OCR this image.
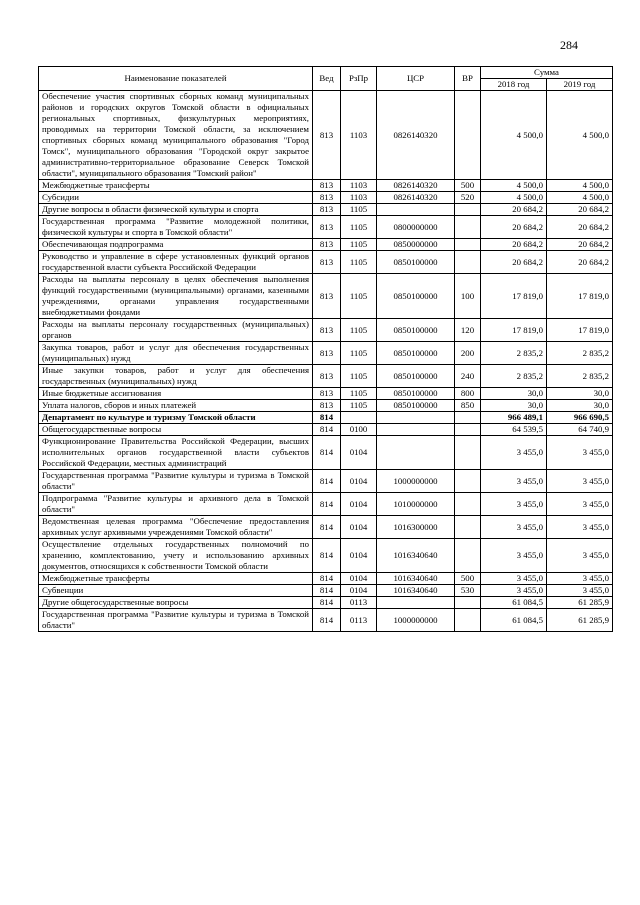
284
Наименование показателей	Вед	РзПр	ЦСР	ВР	Сумма	
					2018 год	2019 год
Обеспечение участия спортивных сборных команд муниципальных районов и городских округов Томской области в официальных региональных спортивных, физкультурных мероприятиях, проводимых на территории Томской области, за исключением спортивных сборных команд муниципального образования "Город Томск", муниципального образования "Городской округ закрытое административно-территориальное образование Северск Томской области", муниципального образования "Томский район"	813	1103	0826140320		4 500,0	4 500,0
Межбюджетные трансферты	813	1103	0826140320	500	4 500,0	4 500,0
Субсидии	813	1103	0826140320	520	4 500,0	4 500,0
Другие вопросы в области физической культуры и спорта	813	1105			20 684,2	20 684,2
Государственная программа "Развитие молодежной политики, физической культуры и спорта в Томской области"	813	1105	0800000000		20 684,2	20 684,2
Обеспечивающая подпрограмма	813	1105	0850000000		20 684,2	20 684,2
Руководство и управление в сфере установленных функций органов государственной власти субъекта Российской Федерации	813	1105	0850100000		20 684,2	20 684,2
Расходы на выплаты персоналу в целях обеспечения выполнения функций государственными (муниципальными) органами, казенными учреждениями, органами управления государственными внебюджетными фондами	813	1105	0850100000	100	17 819,0	17 819,0
Расходы на выплаты персоналу государственных (муниципальных) органов	813	1105	0850100000	120	17 819,0	17 819,0
Закупка товаров, работ и услуг для обеспечения государственных (муниципальных) нужд	813	1105	0850100000	200	2 835,2	2 835,2
Иные закупки товаров, работ и услуг для обеспечения государственных (муниципальных) нужд	813	1105	0850100000	240	2 835,2	2 835,2
Иные бюджетные ассигнования	813	1105	0850100000	800	30,0	30,0
Уплата налогов, сборов и иных платежей	813	1105	0850100000	850	30,0	30,0
Департамент по культуре и туризму Томской области	814				966 489,1	966 690,5
Общегосударственные вопросы	814	0100			64 539,5	64 740,9
Функционирование Правительства Российской Федерации, высших исполнительных органов государственной власти субъектов Российской Федерации, местных администраций	814	0104			3 455,0	3 455,0
Государственная программа "Развитие культуры и туризма в Томской области"	814	0104	1000000000		3 455,0	3 455,0
Подпрограмма "Развитие культуры и архивного дела в Томской области"	814	0104	1010000000		3 455,0	3 455,0
Ведомственная целевая программа "Обеспечение предоставления архивных услуг архивными учреждениями Томской области"	814	0104	1016300000		3 455,0	3 455,0
Осуществление отдельных государственных полномочий по хранению, комплектованию, учету и использованию архивных документов, относящихся к собственности Томской области	814	0104	1016340640		3 455,0	3 455,0
Межбюджетные трансферты	814	0104	1016340640	500	3 455,0	3 455,0
Субвенции	814	0104	1016340640	530	3 455,0	3 455,0
Другие общегосударственные вопросы	814	0113			61 084,5	61 285,9
Государственная программа "Развитие культуры и туризма в Томской области"	814	0113	1000000000		61 084,5	61 285,9
